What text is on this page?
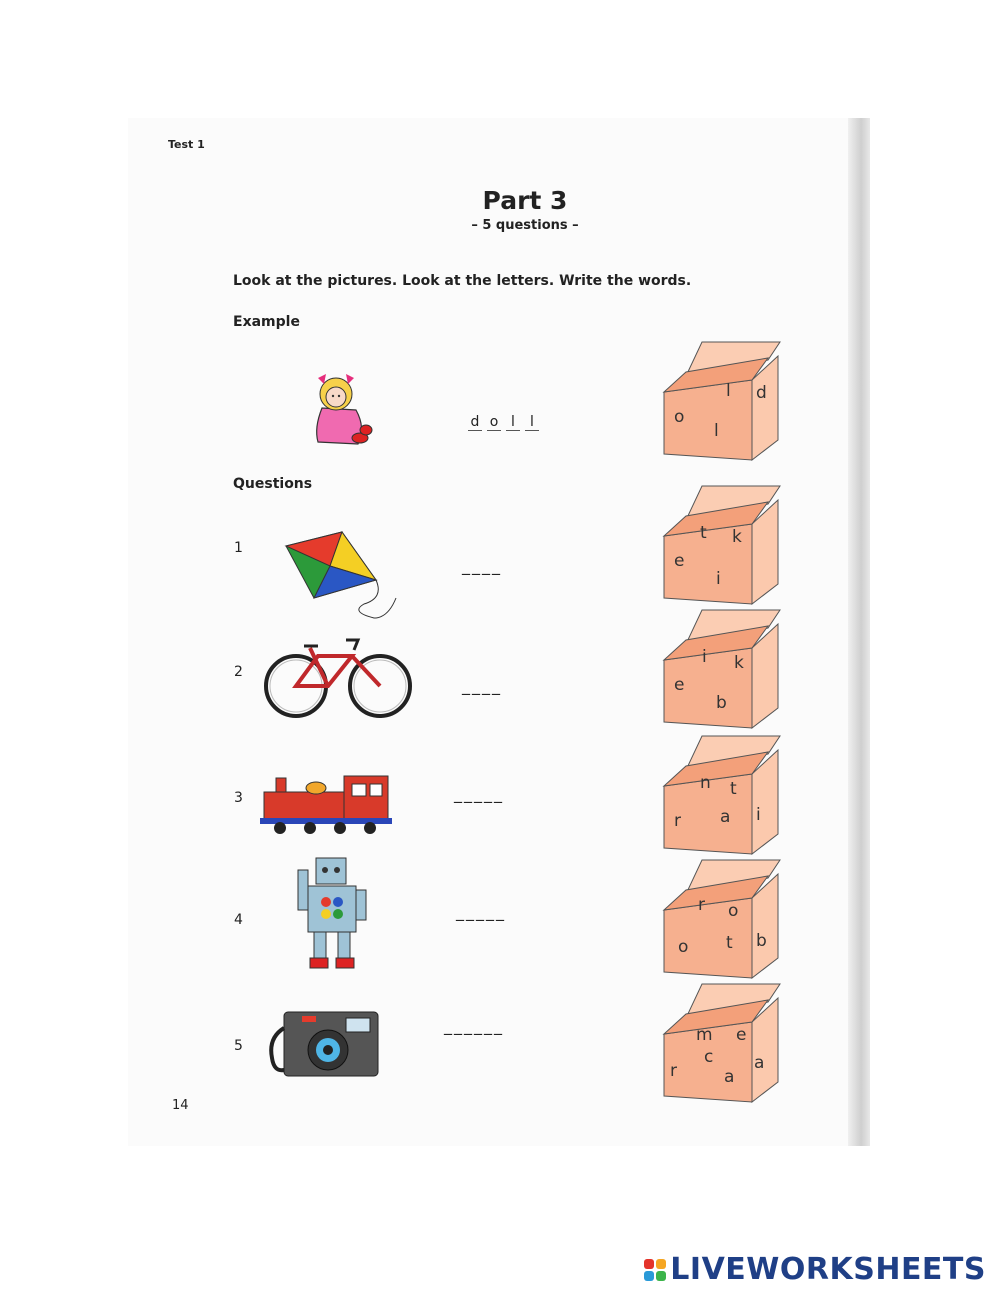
Test 1
Part 3
– 5 questions –
Look at the pictures. Look at the letters. Write the words.
Example
d o l l
l d
o
l
Questions
1
____
t k
e
i
2
____
i k
e
b
3	_____
n t
r a i
4	_____	r o
o t b
5
______	m e
c
r	a
a
14
LIVEWORKSHEETS
